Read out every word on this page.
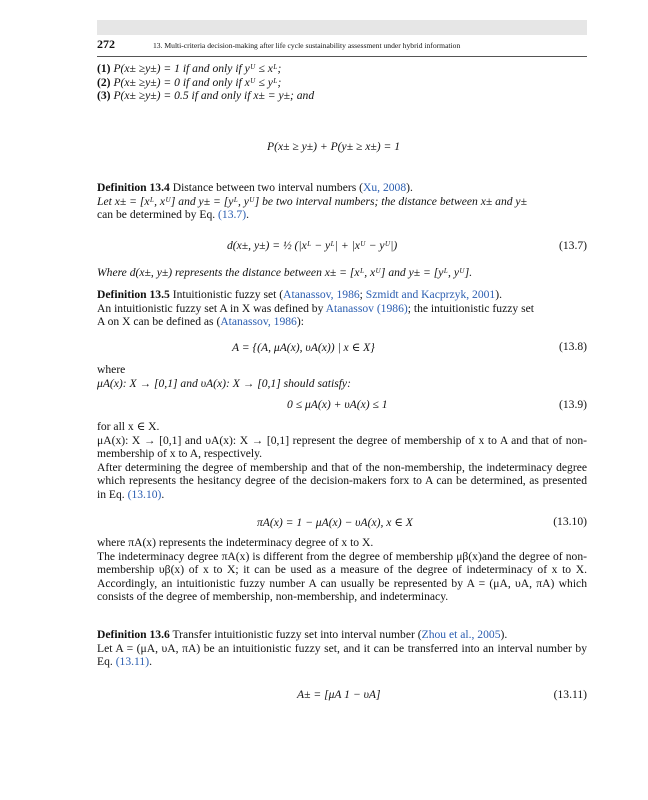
272	13. Multi-criteria decision-making after life cycle sustainability assessment under hybrid information
(1) P(x± ≥y±) = 1 if and only if yᵁ ≤ xᴸ;
(2) P(x± ≥y±) = 0 if and only if xᵁ ≤ yᴸ;
(3) P(x± ≥y±) = 0.5 if and only if x± = y±; and
P(x± ≥ y±) + P(y± ≥ x±) = 1
Definition 13.4 Distance between two interval numbers (Xu, 2008).
Let x± = [xᴸ, xᵁ] and y± = [yᴸ, yᵁ] be two interval numbers; the distance between x± and y±
can be determined by Eq. (13.7).
d(x±, y±) = ½ (|xᴸ − yᴸ| + |xᵁ − yᵁ|)	(13.7)
Where d(x±, y±) represents the distance between x± = [xᴸ, xᵁ] and y± = [yᴸ, yᵁ].
Definition 13.5 Intuitionistic fuzzy set (Atanassov, 1986; Szmidt and Kacprzyk, 2001).
An intuitionistic fuzzy set A in X was defined by Atanassov (1986); the intuitionistic fuzzy set
A on X can be defined as (Atanassov, 1986):
A = {(A, μA(x), υA(x)) | x ∈ X}	(13.8)
where
μA(x): X → [0,1] and υA(x): X → [0,1] should satisfy:
0 ≤ μA(x) + υA(x) ≤ 1	(13.9)
for all x ∈ X.
μA(x): X → [0,1] and υA(x): X → [0,1] represent the degree of membership of x to A and that of non-membership of x to A, respectively.
After determining the degree of membership and that of the non-membership, the indeterminacy degree which represents the hesitancy degree of the decision-makers forx to A can be determined, as presented in Eq. (13.10).
πA(x) = 1 − μA(x) − υA(x), x ∈ X	(13.10)
where πA(x) represents the indeterminacy degree of x to X.
The indeterminacy degree πA(x) is different from the degree of membership μβ(x)and the degree of non-membership υβ(x) of x to X; it can be used as a measure of the degree of indeterminacy of x to X. Accordingly, an intuitionistic fuzzy number A can usually be represented by A = (μA, υA, πA) which consists of the degree of membership, non-membership, and indeterminacy.
Definition 13.6 Transfer intuitionistic fuzzy set into interval number (Zhou et al., 2005).
Let A = (μA, υA, πA) be an intuitionistic fuzzy set, and it can be transferred into an interval number by Eq. (13.11).
A± = [μA 1 − υA]	(13.11)
